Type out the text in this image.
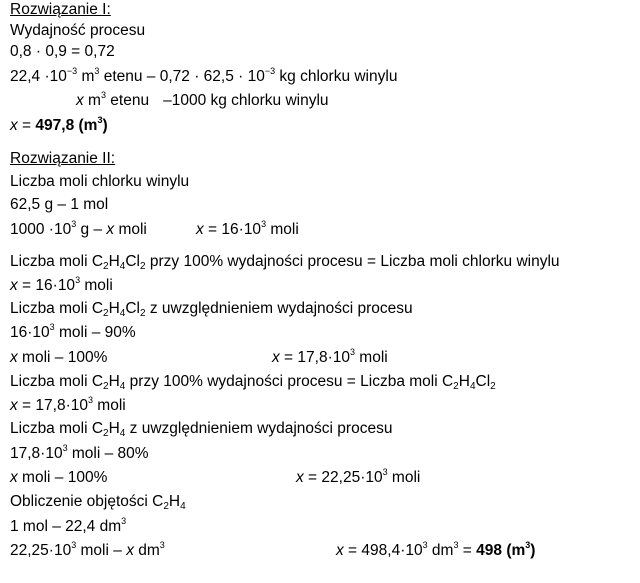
Rozwiązanie I:
Wydajność procesu
0,8 · 0,9 = 0,72
$22,4 \cdot 10^{-3}$ $m^3$ etenu – $0,72 \cdot 62,5 \cdot 10^{-3}$ kg chlorku winylu
x $m^3$ etenu –1000 kg chlorku winylu
x = 497,8 $(m^3)$
Rozwiązanie II:
Liczba moli chlorku winylu
62,5 g – 1 mol
$1000 \cdot 10^3$ g – x moli	$x = 16\cdot 10^3$ moli
Liczba moli $C_2H_4Cl_2$ przy 100% wydajności procesu = Liczba moli chlorku winylu
$x = 16\cdot 10^3$ moli
Liczba moli $C_2H_4Cl_2$ z uwzględnieniem wydajności procesu
$16\cdot 10^3$ moli – 90%
x moli – 100%	$x = 17,8\cdot 10^3$ moli
Liczba moli $C_2H_4$ przy 100% wydajności procesu = Liczba moli $C_2H_4Cl_2$
$x = 17,8\cdot 10^3$ moli
Liczba moli $C_2H_4$ z uwzględnieniem wydajności procesu
$17,8\cdot 10^3$ moli – 80%
x moli – 100%	$x = 22,25\cdot 10^3$ moli
Obliczenie objętości $C_2H_4$
1 mol – 22,4 $dm^3$
$22,25\cdot 10^3$ moli – x $dm^3$	$x = 498,4\cdot 10^3$ $dm^3 = 498$ $(m^3)$
